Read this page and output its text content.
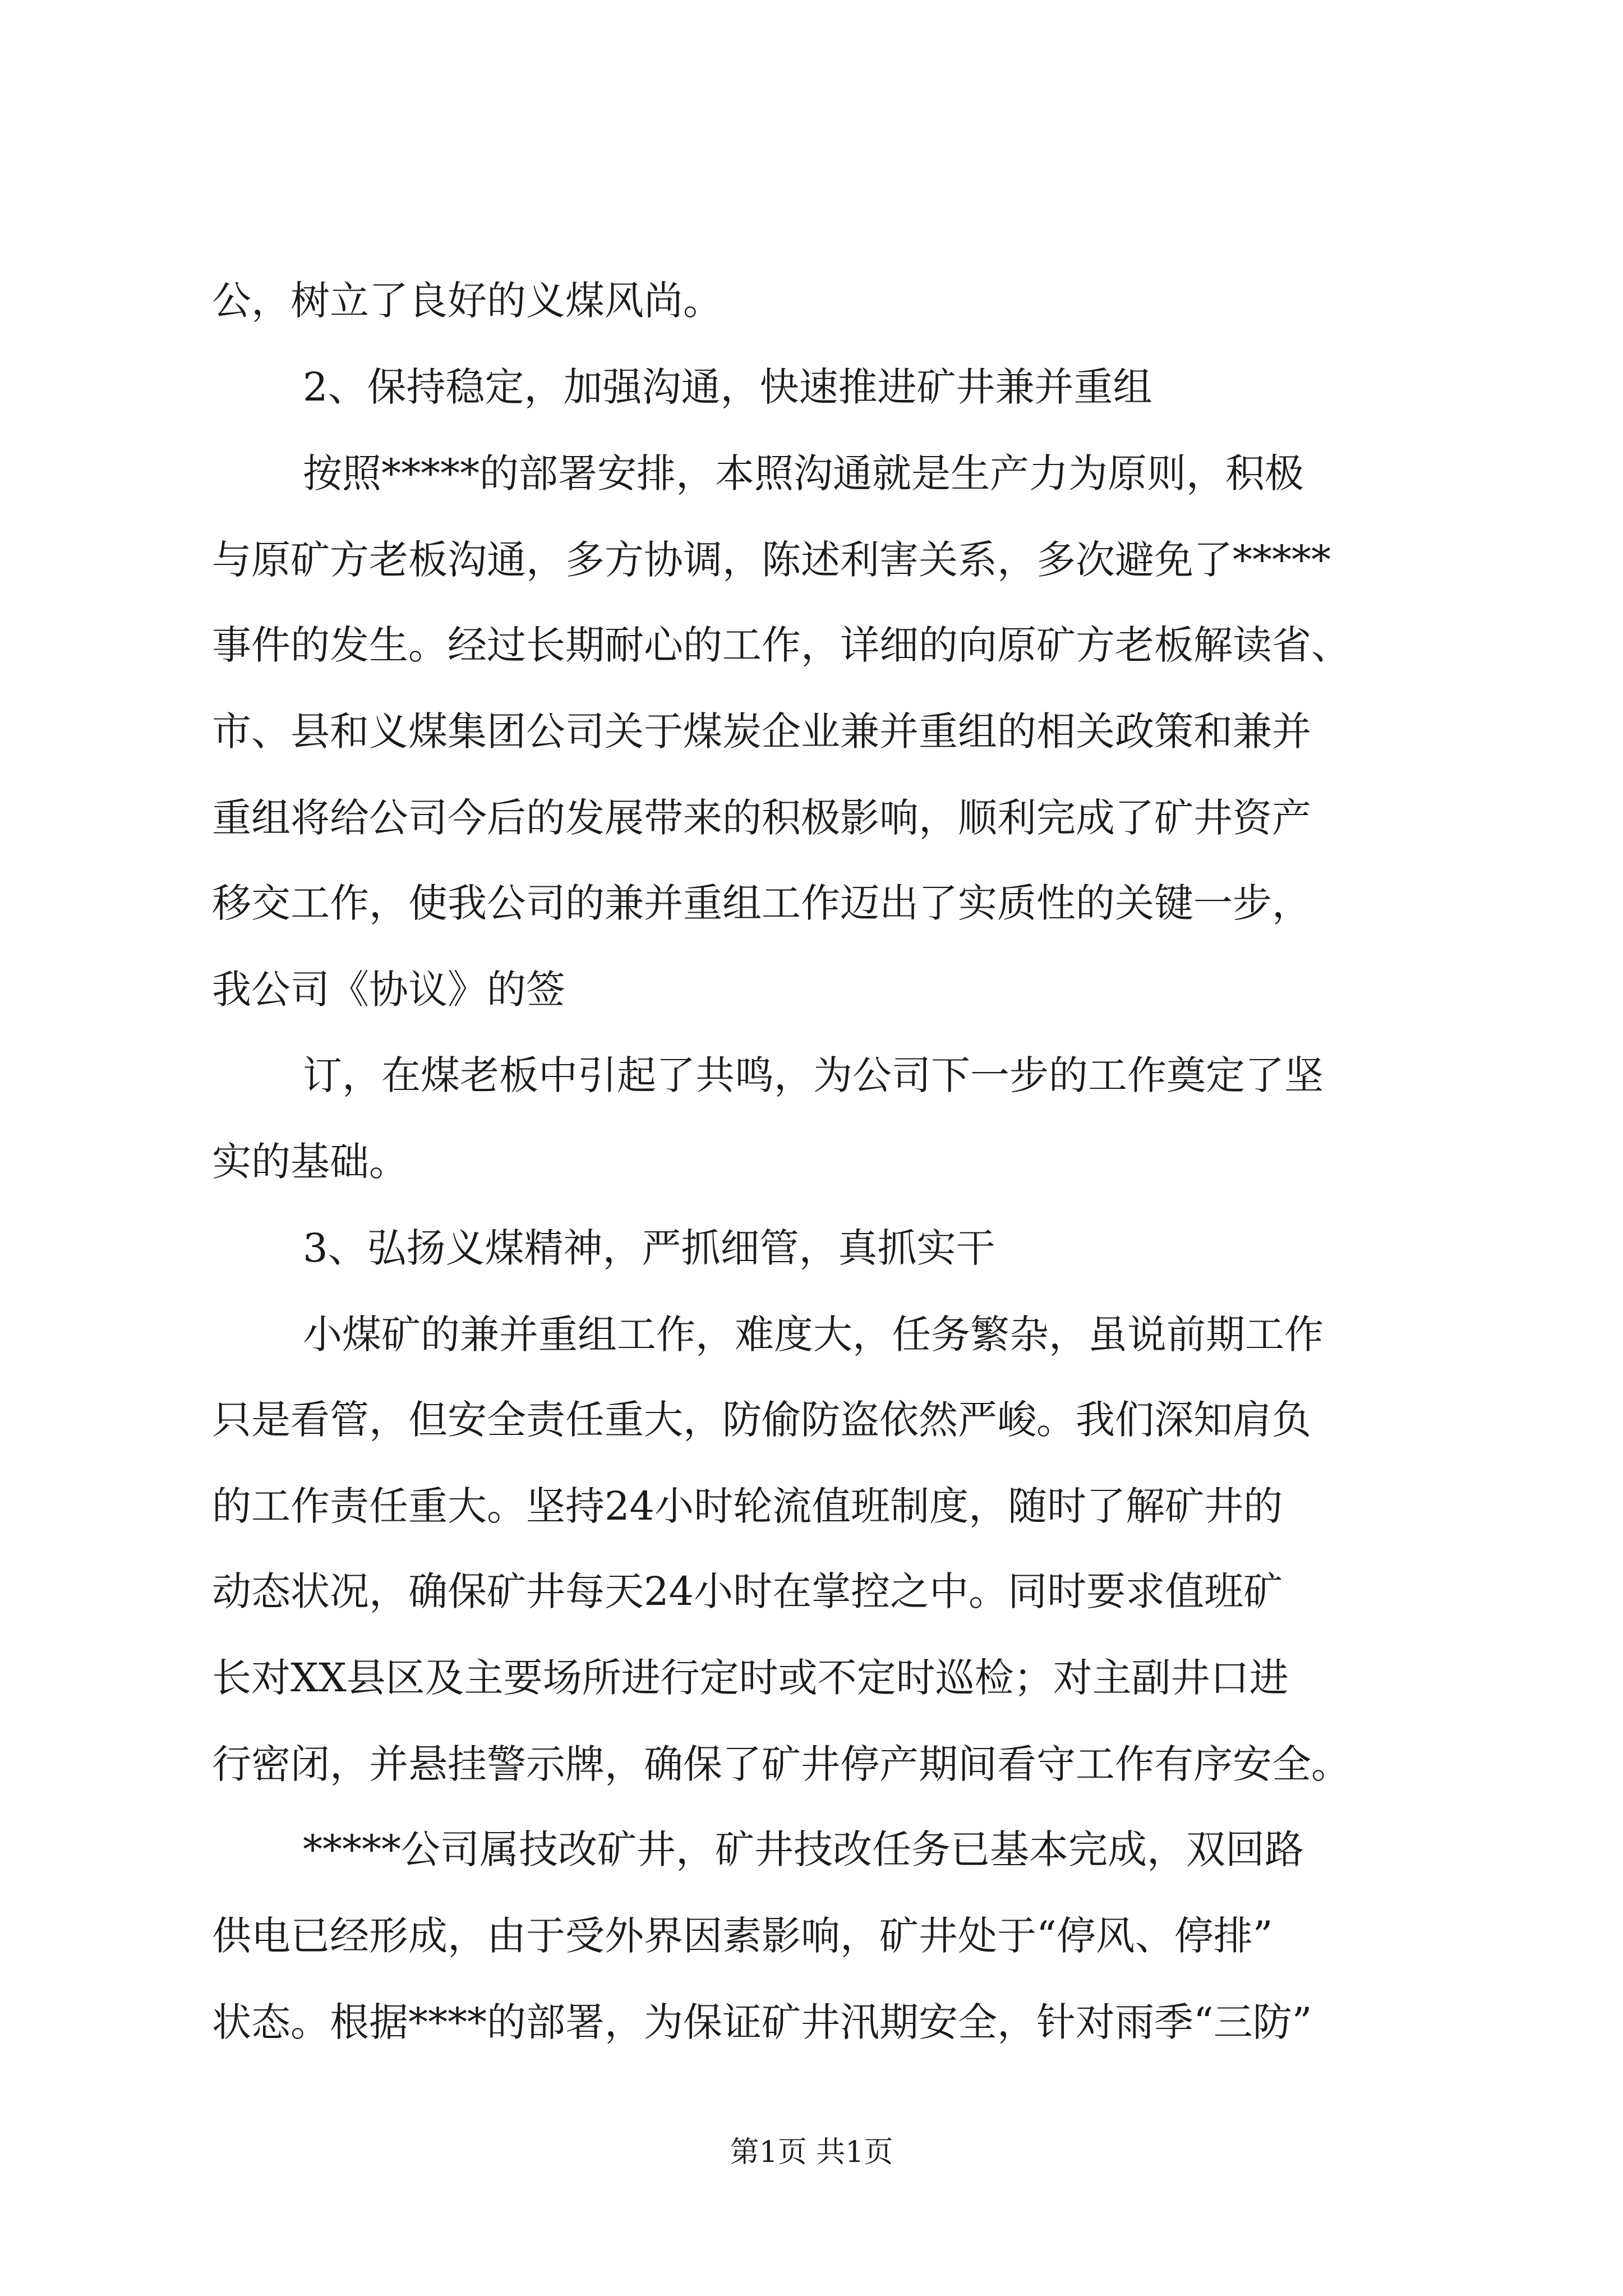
公，树立了良好的义煤风尚。

2、保持稳定，加强沟通，快速推进矿井兼并重组

按照*****的部署安排，本照沟通就是生产力为原则，积极

与原矿方老板沟通，多方协调，陈述利害关系，多次避免了*****

事件的发生。经过长期耐心的工作，详细的向原矿方老板解读省、

市、县和义煤集团公司关于煤炭企业兼并重组的相关政策和兼并

重组将给公司今后的发展带来的积极影响，顺利完成了矿井资产

移交工作，使我公司的兼并重组工作迈出了实质性的关键一步，

我公司《协议》的签

订，在煤老板中引起了共鸣，为公司下一步的工作奠定了坚

实的基础。

3、弘扬义煤精神，严抓细管，真抓实干

小煤矿的兼并重组工作，难度大，任务繁杂，虽说前期工作

只是看管，但安全责任重大，防偷防盗依然严峻。我们深知肩负

的工作责任重大。坚持24小时轮流值班制度，随时了解矿井的

动态状况，确保矿井每天24小时在掌控之中。同时要求值班矿

长对XX县区及主要场所进行定时或不定时巡检；对主副井口进

行密闭，并悬挂警示牌，确保了矿井停产期间看守工作有序安全。

*****公司属技改矿井，矿井技改任务已基本完成，双回路

供电已经形成，由于受外界因素影响，矿井处于“停风、停排”

状态。根据****的部署，为保证矿井汛期安全，针对雨季“三防”

第1页 共1页
